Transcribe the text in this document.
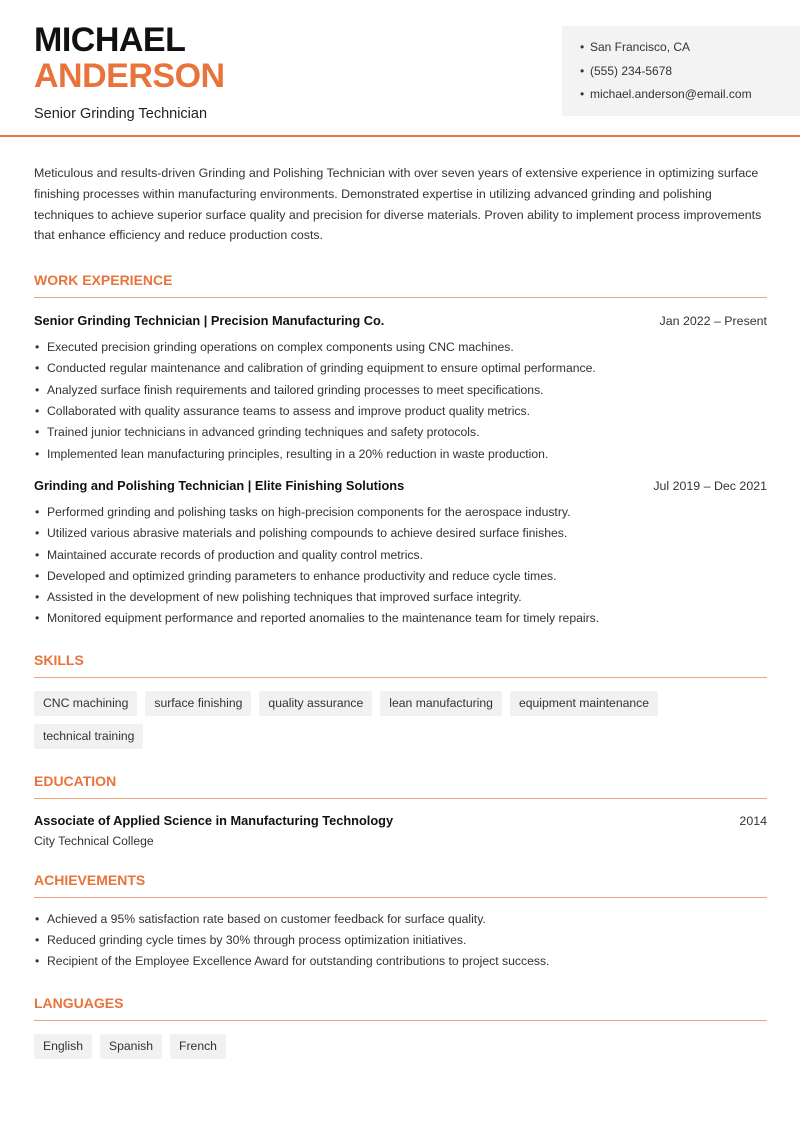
MICHAEL
ANDERSON
Senior Grinding Technician
• San Francisco, CA
• (555) 234-5678
• michael.anderson@email.com

Meticulous and results-driven Grinding and Polishing Technician with over seven years of extensive experience in optimizing surface finishing processes within manufacturing environments. Demonstrated expertise in utilizing advanced grinding and polishing techniques to achieve superior surface quality and precision for diverse materials. Proven ability to implement process improvements that enhance efficiency and reduce production costs.

WORK EXPERIENCE
Senior Grinding Technician | Precision Manufacturing Co.	Jan 2022 – Present
• Executed precision grinding operations on complex components using CNC machines.
• Conducted regular maintenance and calibration of grinding equipment to ensure optimal performance.
• Analyzed surface finish requirements and tailored grinding processes to meet specifications.
• Collaborated with quality assurance teams to assess and improve product quality metrics.
• Trained junior technicians in advanced grinding techniques and safety protocols.
• Implemented lean manufacturing principles, resulting in a 20% reduction in waste production.
Grinding and Polishing Technician | Elite Finishing Solutions	Jul 2019 – Dec 2021
• Performed grinding and polishing tasks on high-precision components for the aerospace industry.
• Utilized various abrasive materials and polishing compounds to achieve desired surface finishes.
• Maintained accurate records of production and quality control metrics.
• Developed and optimized grinding parameters to enhance productivity and reduce cycle times.
• Assisted in the development of new polishing techniques that improved surface integrity.
• Monitored equipment performance and reported anomalies to the maintenance team for timely repairs.
SKILLS
CNC machining	surface finishing	quality assurance	lean manufacturing	equipment maintenance
technical training
EDUCATION
Associate of Applied Science in Manufacturing Technology	2014
City Technical College
ACHIEVEMENTS
• Achieved a 95% satisfaction rate based on customer feedback for surface quality.
• Reduced grinding cycle times by 30% through process optimization initiatives.
• Recipient of the Employee Excellence Award for outstanding contributions to project success.
LANGUAGES
English	Spanish	French
